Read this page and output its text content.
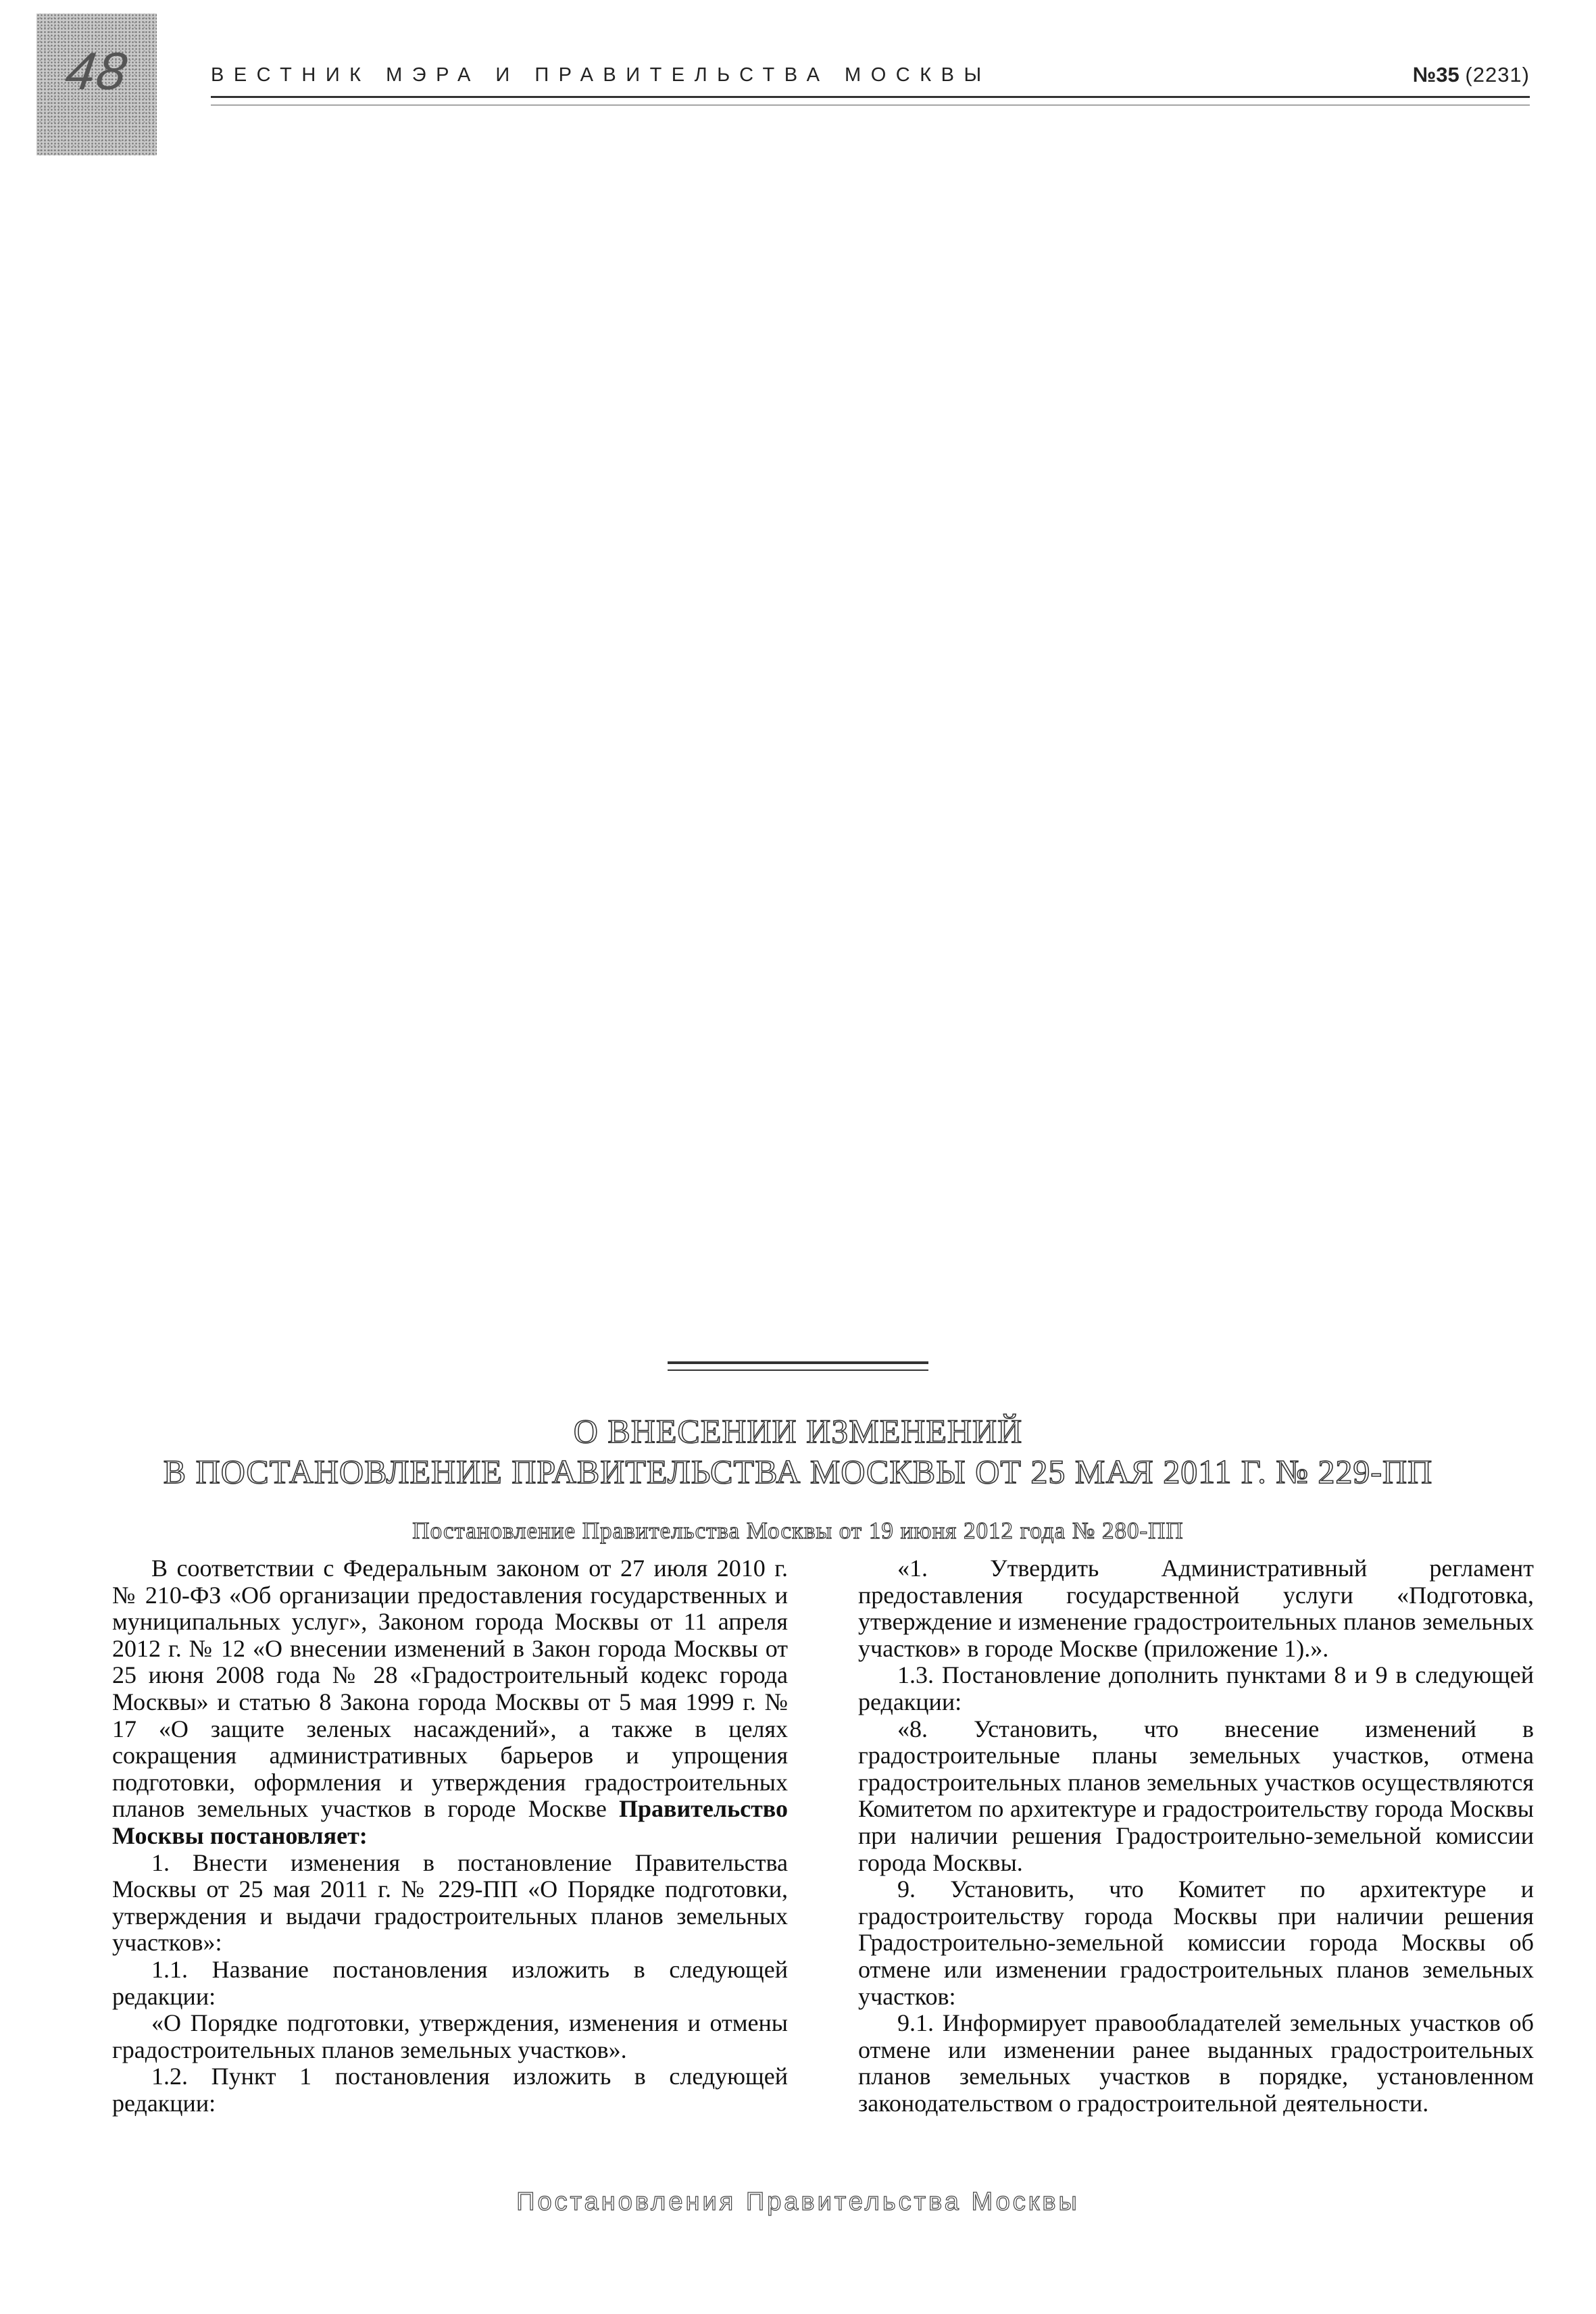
48	ВЕСТНИК МЭРА И ПРАВИТЕЛЬСТВА МОСКВЫ	№35 (2231)
О ВНЕСЕНИИ ИЗМЕНЕНИЙ
В ПОСТАНОВЛЕНИЕ ПРАВИТЕЛЬСТВА МОСКВЫ ОТ 25 МАЯ 2011 Г. № 229-ПП
Постановление Правительства Москвы от 19 июня 2012 года № 280-ПП

В соответствии с Федеральным законом от 27 июля 2010 г. № 210-ФЗ «Об организации предоставления государственных и муниципальных услуг», Законом города Москвы от 11 апреля 2012 г. № 12 «О внесении изменений в Закон города Москвы от 25 июня 2008 года № 28 «Градостроительный кодекс города Москвы» и статью 8 Закона города Москвы от 5 мая 1999 г. № 17 «О защите зеленых насаждений», а также в целях сокращения административных барьеров и упрощения подготовки, оформления и утверждения градостроительных планов земельных участков в городе Москве Правительство Москвы постановляет:

1. Внести изменения в постановление Правительства Москвы от 25 мая 2011 г. № 229-ПП «О Порядке подготовки, утверждения и выдачи градостроительных планов земельных участков»:

1.1. Название постановления изложить в следующей редакции:

«О Порядке подготовки, утверждения, изменения и отмены градостроительных планов земельных участков».

1.2. Пункт 1 постановления изложить в следующей редакции:

«1. Утвердить Административный регламент предоставления государственной услуги «Подготовка, утверждение и изменение градостроительных планов земельных участков» в городе Москве (приложение 1).».

1.3. Постановление дополнить пунктами 8 и 9 в следующей редакции:

«8. Установить, что внесение изменений в градостроительные планы земельных участков, отмена градостроительных планов земельных участков осуществляются Комитетом по архитектуре и градостроительству города Москвы при наличии решения Градостроительно-земельной комиссии города Москвы.

9. Установить, что Комитет по архитектуре и градостроительству города Москвы при наличии решения Градостроительно-земельной комиссии города Москвы об отмене или изменении градостроительных планов земельных участков:

9.1. Информирует правообладателей земельных участков об отмене или изменении ранее выданных градостроительных планов земельных участков в порядке, установленном законодательством о градостроительной деятельности.

Постановления Правительства Москвы
